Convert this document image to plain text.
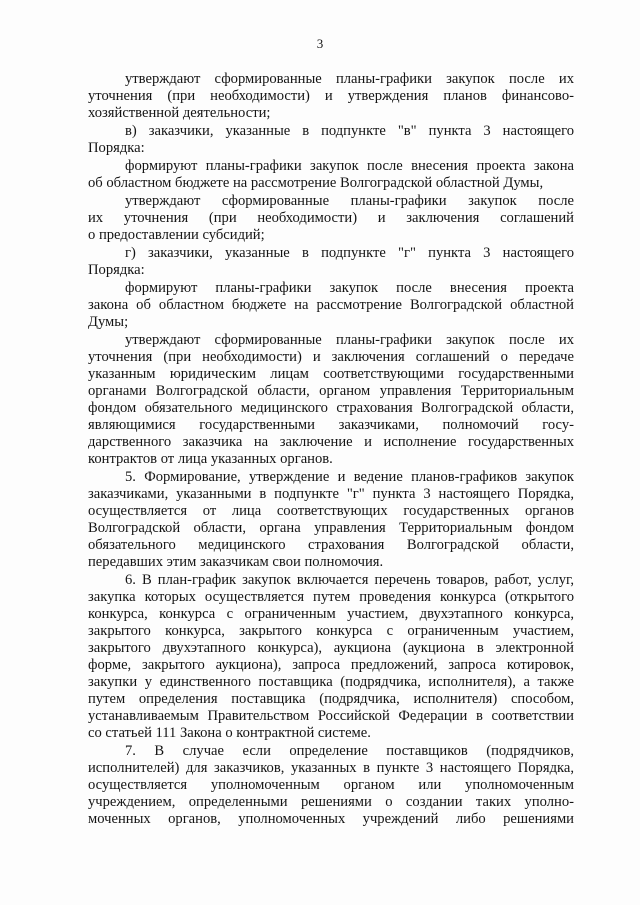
3
утверждают сформированные планы-графики закупок после их
уточнения (при необходимости) и утверждения планов финансово-
хозяйственной деятельности;
в) заказчики, указанные в подпункте "в" пункта 3 настоящего
Порядка:
формируют планы-графики закупок после внесения проекта закона
об областном бюджете на рассмотрение Волгоградской областной Думы,
утверждают сформированные планы-графики закупок после
их уточнения (при необходимости) и заключения соглашений
о предоставлении субсидий;
г) заказчики, указанные в подпункте "г" пункта 3 настоящего
Порядка:
формируют планы-графики закупок после внесения проекта
закона об областном бюджете на рассмотрение Волгоградской областной
Думы;
утверждают сформированные планы-графики закупок после их
уточнения (при необходимости) и заключения соглашений о передаче
указанным юридическим лицам соответствующими государственными
органами Волгоградской области, органом управления Территориальным
фондом обязательного медицинского страхования Волгоградской области,
являющимися государственными заказчиками, полномочий госу-
дарственного заказчика на заключение и исполнение государственных
контрактов от лица указанных органов.
5. Формирование, утверждение и ведение планов-графиков закупок
заказчиками, указанными в подпункте "г" пункта 3 настоящего Порядка,
осуществляется от лица соответствующих государственных органов
Волгоградской области, органа управления Территориальным фондом
обязательного медицинского страхования Волгоградской области,
передавших этим заказчикам свои полномочия.
6. В план-график закупок включается перечень товаров, работ, услуг,
закупка которых осуществляется путем проведения конкурса (открытого
конкурса, конкурса с ограниченным участием, двухэтапного конкурса,
закрытого конкурса, закрытого конкурса с ограниченным участием,
закрытого двухэтапного конкурса), аукциона (аукциона в электронной
форме, закрытого аукциона), запроса предложений, запроса котировок,
закупки у единственного поставщика (подрядчика, исполнителя), а также
путем определения поставщика (подрядчика, исполнителя) способом,
устанавливаемым Правительством Российской Федерации в соответствии
со статьей 111 Закона о контрактной системе.
7. В случае если определение поставщиков (подрядчиков,
исполнителей) для заказчиков, указанных в пункте 3 настоящего Порядка,
осуществляется уполномоченным органом или уполномоченным
учреждением, определенными решениями о создании таких уполно-
моченных органов, уполномоченных учреждений либо решениями
